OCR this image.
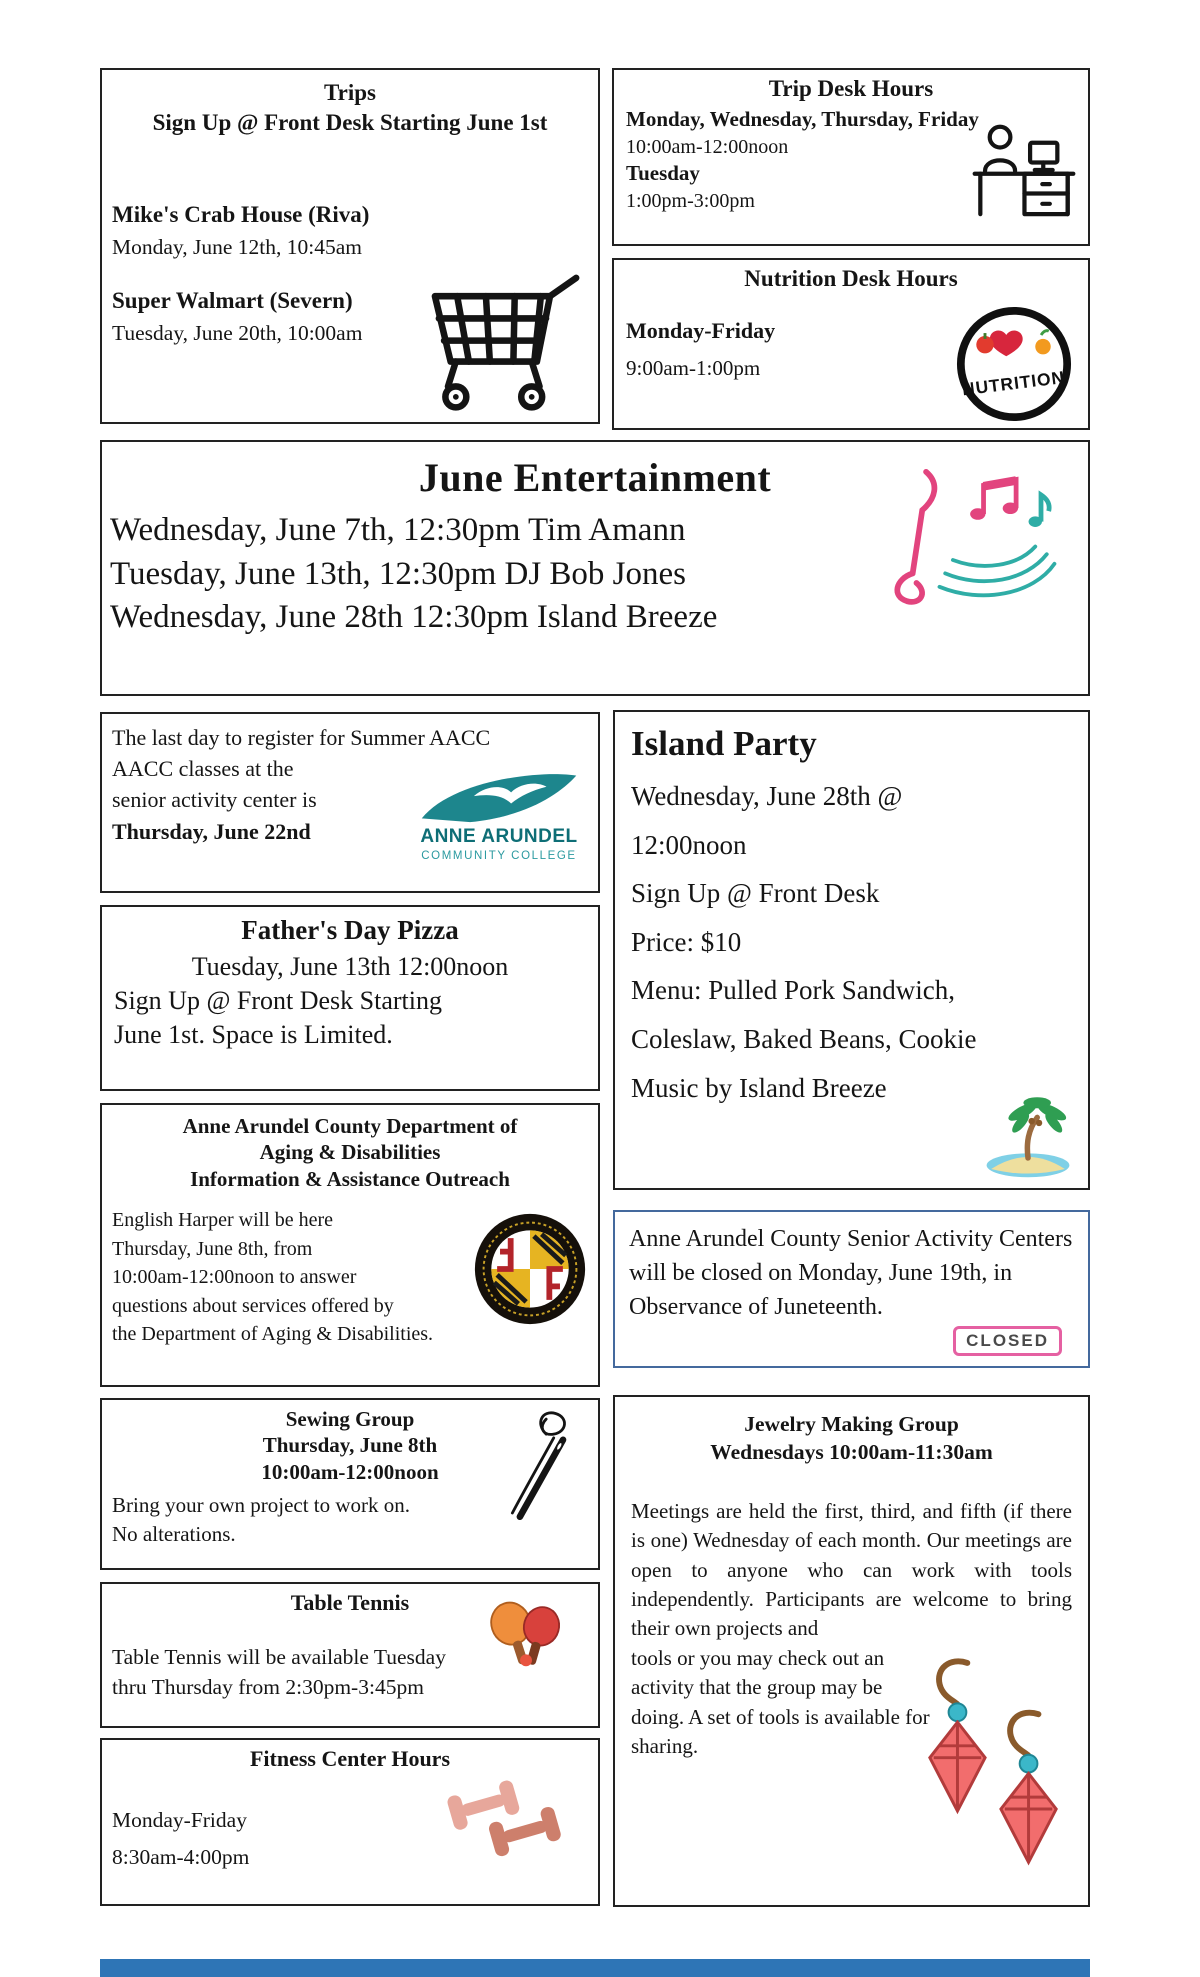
Trips
Sign Up @ Front Desk Starting June 1st
Mike's Crab House (Riva)
Monday, June 12th, 10:45am
Super Walmart (Severn)
Tuesday, June 20th, 10:00am
Trip Desk Hours
Monday, Wednesday, Thursday, Friday
10:00am-12:00noon
Tuesday
1:00pm-3:00pm
Nutrition Desk Hours
Monday-Friday
9:00am-1:00pm	NUTRITION
June Entertainment
Wednesday, June 7th, 12:30pm Tim Amann
Tuesday, June 13th, 12:30pm DJ Bob Jones
Wednesday, June 28th 12:30pm Island Breeze
The last day to register for Summer AACC
AACC classes at the
senior activity center is
Thursday, June 22nd	ANNE ARUNDEL
COMMUNITY COLLEGE
Father's Day Pizza
Tuesday, June 13th 12:00noon
Sign Up @ Front Desk Starting
June 1st. Space is Limited.
Island Party
Wednesday, June 28th @
12:00noon
Sign Up @ Front Desk
Price: $10
Menu: Pulled Pork Sandwich,
Coleslaw, Baked Beans, Cookie
Music by Island Breeze
Anne Arundel County Department of
Aging & Disabilities
Information & Assistance Outreach
English Harper will be here
Thursday, June 8th, from
10:00am-12:00noon to answer
questions about services offered by
the Department of Aging & Disabilities.
Anne Arundel County Senior Activity Centers will be closed on Monday, June 19th, in Observance of Juneteenth.
CLOSED
Sewing Group
Thursday, June 8th
10:00am-12:00noon
Bring your own project to work on.
No alterations.
Jewelry Making Group
Wednesdays 10:00am-11:30am
Meetings are held the first, third, and fifth (if there is one) Wednesday of each month. Our meetings are open to anyone who can work with tools independently. Participants are welcome to bring their own projects and
tools or you may check out an activity that the group may be doing. A set of tools is available for sharing.
Table Tennis
Table Tennis will be available Tuesday
thru Thursday from 2:30pm-3:45pm
Fitness Center Hours
Monday-Friday
8:30am-4:00pm
